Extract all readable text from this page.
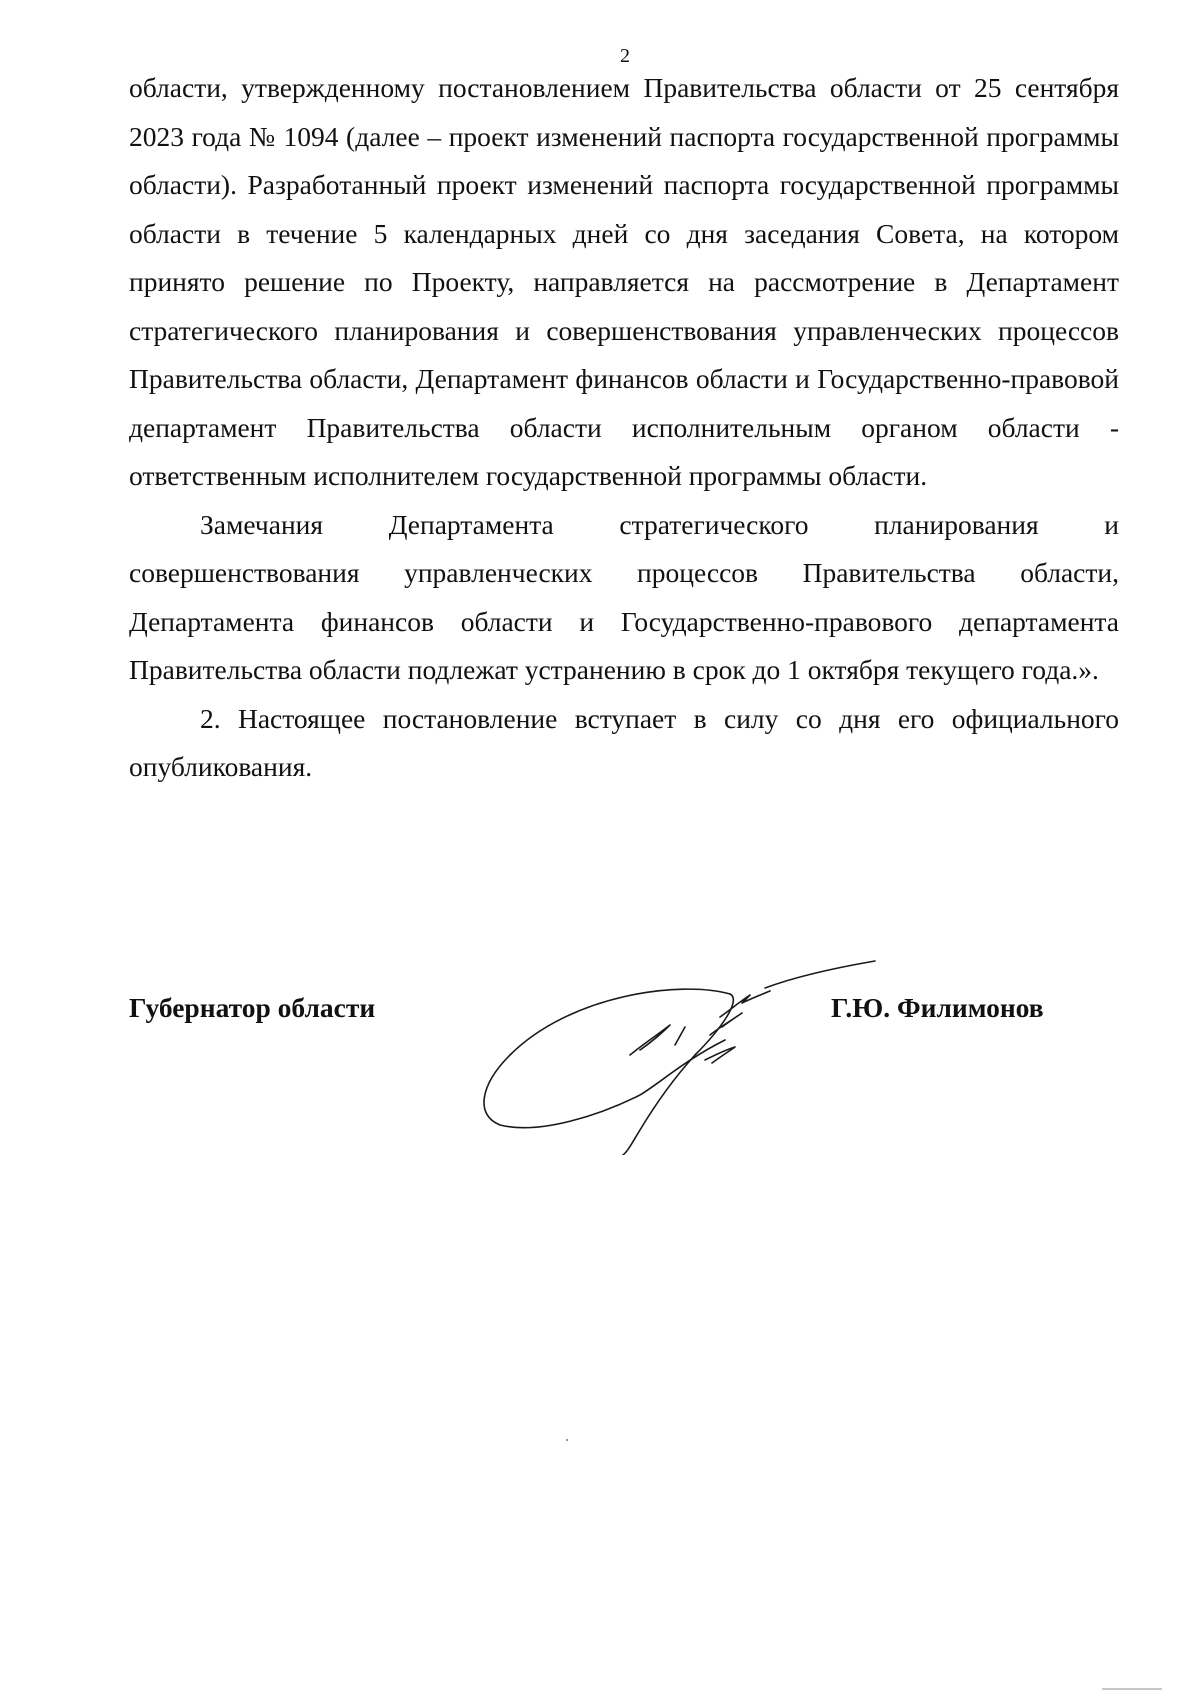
2

области, утвержденному постановлением Правительства области от 25 сентября 2023 года № 1094 (далее – проект изменений паспорта государственной программы области). Разработанный проект изменений паспорта государственной программы области в течение 5 календарных дней со дня заседания Совета, на котором принято решение по Проекту, направляется на рассмотрение в Департамент стратегического планирования и совершенствования управленческих процессов Правительства области, Департамент финансов области и Государственно-правовой департамент Правительства области исполнительным органом области - ответственным исполнителем государственной программы области.

Замечания Департамента стратегического планирования и совершенствования управленческих процессов Правительства области, Департамента финансов области и Государственно-правового департамента Правительства области подлежат устранению в срок до 1 октября текущего года.».

2. Настоящее постановление вступает в силу со дня его официального опубликования.

Губернатор области	Г.Ю. Филимонов
